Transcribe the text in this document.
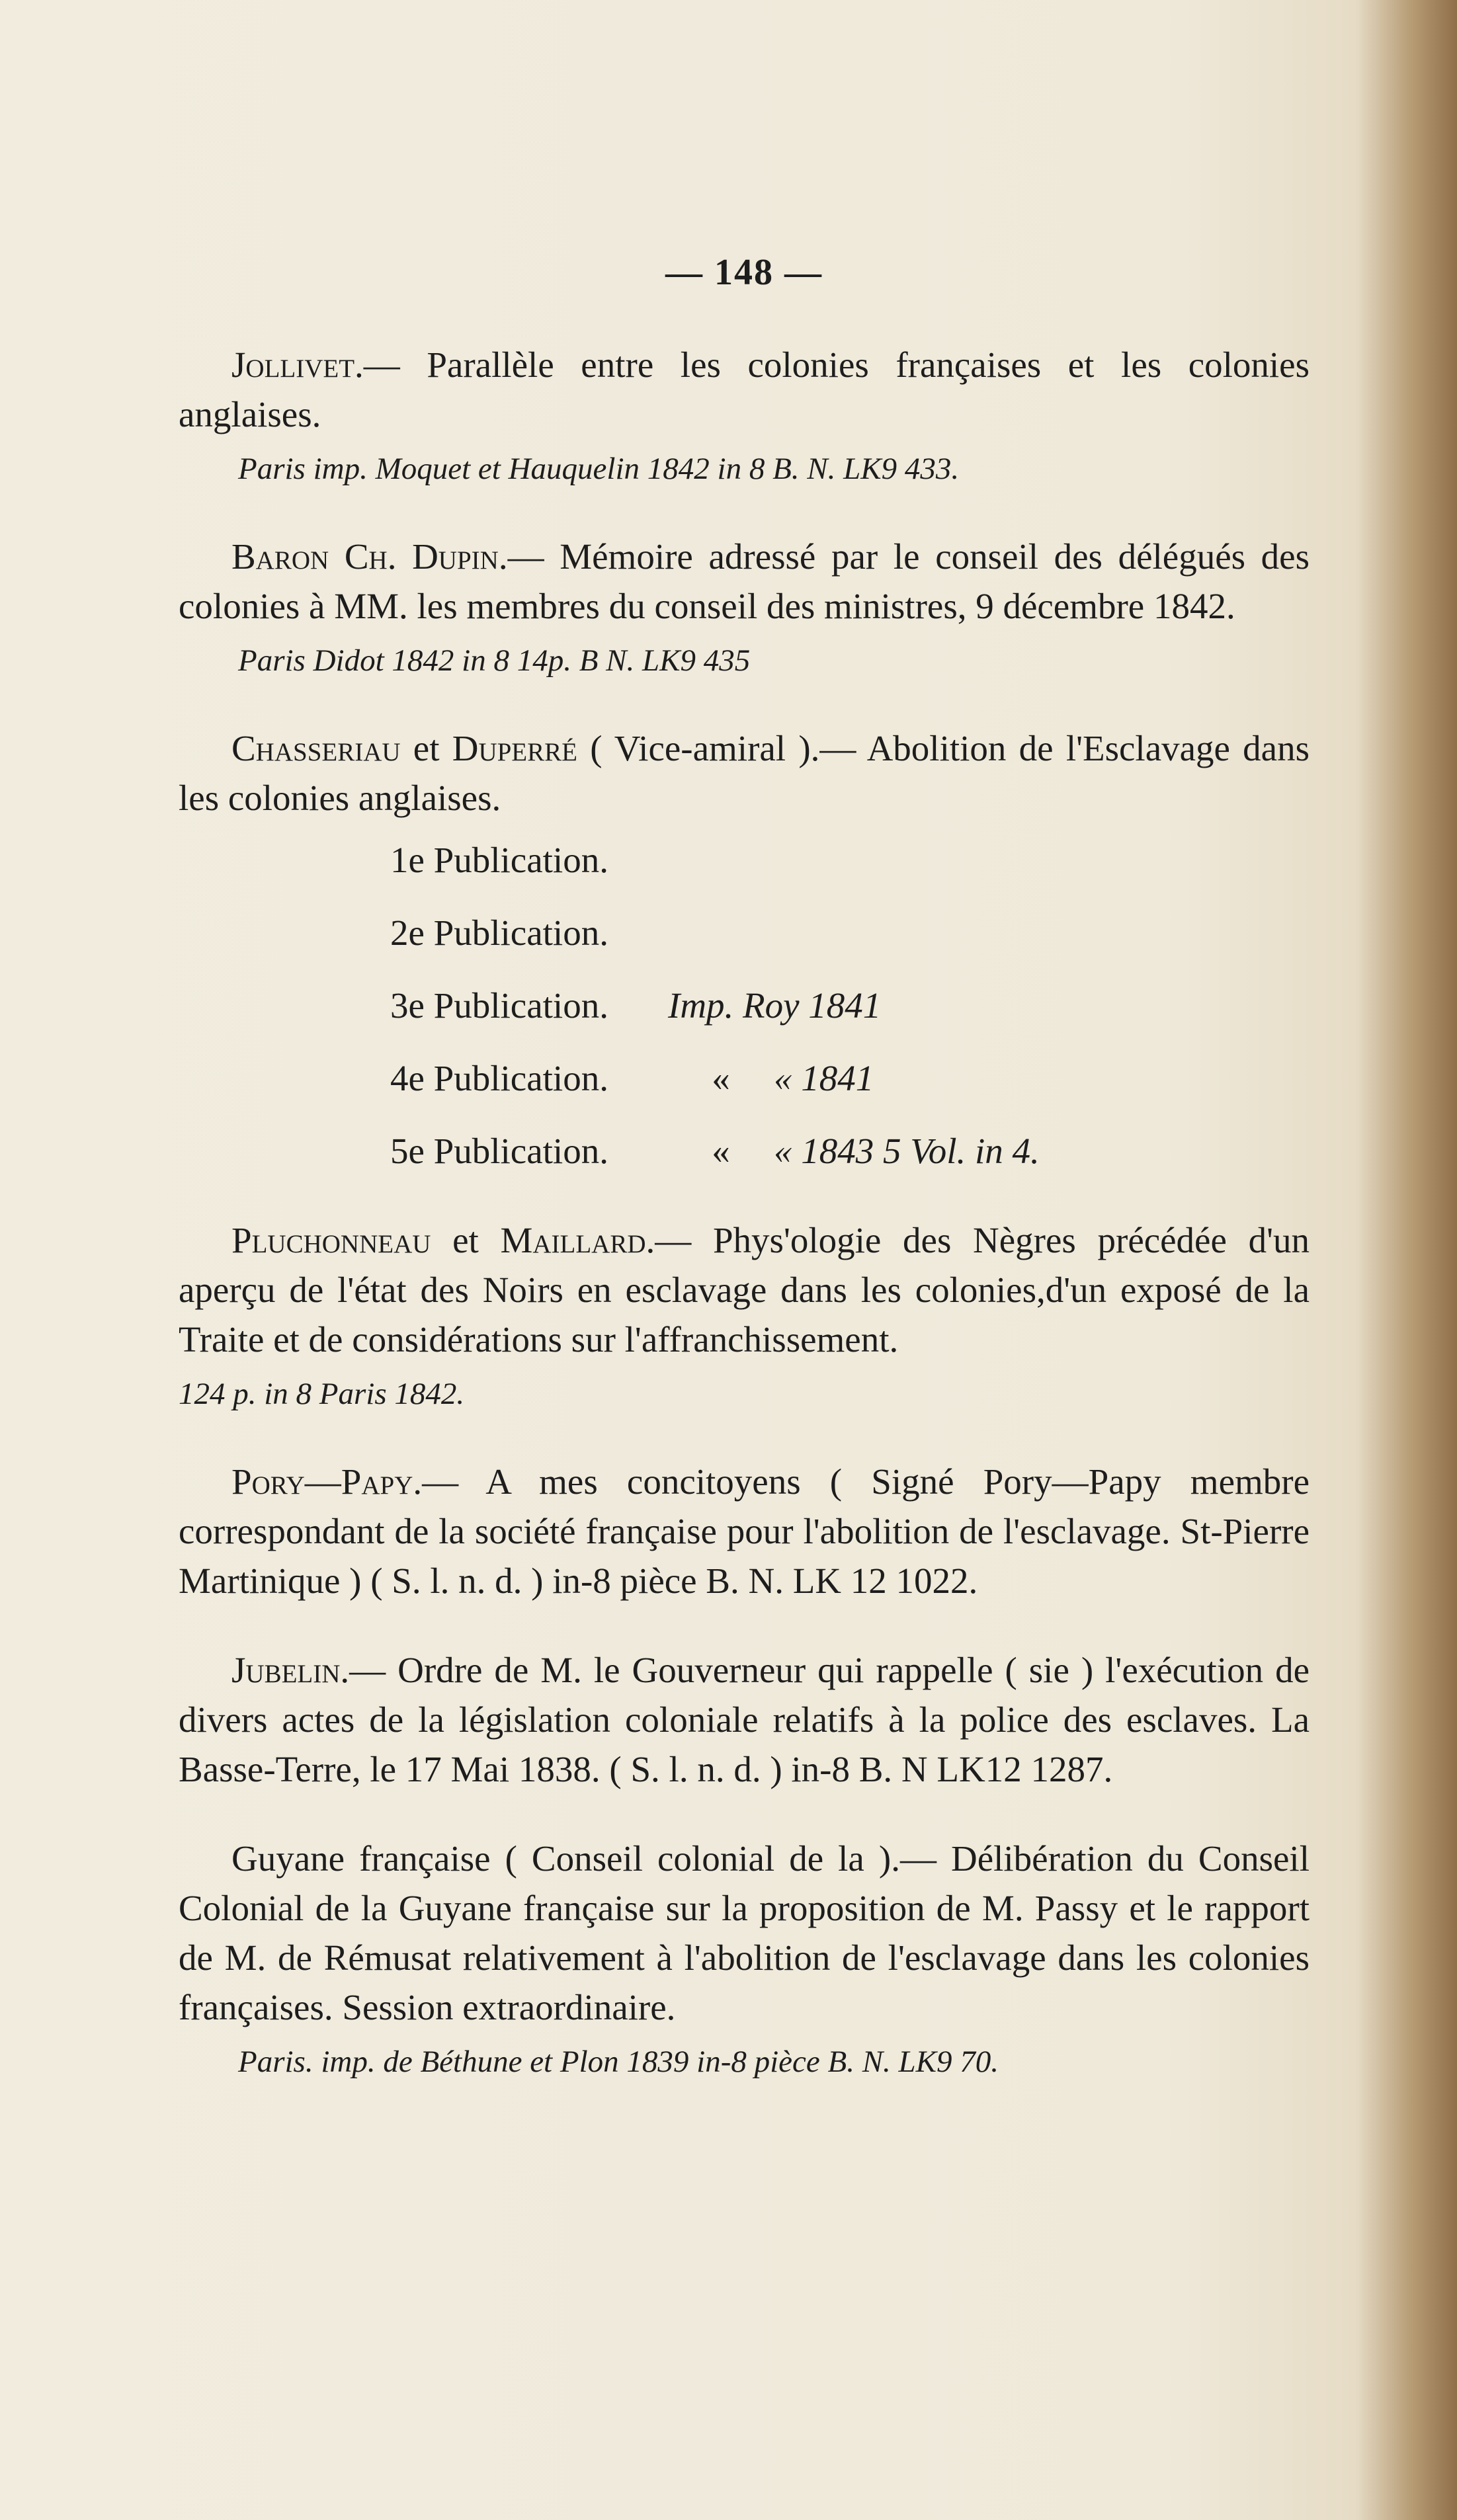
— 148 —

Jollivet.— Parallèle entre les colonies françaises et les colonies anglaises.

Paris imp. Moquet et Hauquelin 1842 in 8 B. N. LK9 433.

Baron Ch. Dupin.— Mémoire adressé par le conseil des délégués des colonies à MM. les membres du conseil des ministres, 9 décembre 1842.

Paris Didot 1842 in 8 14p. B N. LK9 435

Chasseriau et Duperré ( Vice-amiral ).— Abolition de l'Esclavage dans les colonies anglaises.

1e Publication.
2e Publication.
3e Publication.	Imp. Roy 1841
4e Publication.	«	« 1841
5e Publication.	«	« 1843 5 Vol. in 4.

Pluchonneau et Maillard.— Phys'ologie des Nègres précédée d'un aperçu de l'état des Noirs en esclavage dans les colonies,d'un exposé de la Traite et de considérations sur l'affranchissement.

124 p. in 8 Paris 1842.

Pory—Papy.— A mes concitoyens ( Signé Pory—Papy membre correspondant de la société française pour l'abolition de l'esclavage. St-Pierre Martinique ) ( S. l. n. d. ) in-8 pièce B. N. LK 12 1022.

Jubelin.— Ordre de M. le Gouverneur qui rappelle ( sie ) l'exécution de divers actes de la législation coloniale relatifs à la police des esclaves. La Basse-Terre, le 17 Mai 1838. ( S. l. n. d. ) in-8 B. N LK12 1287.

Guyane française ( Conseil colonial de la ).— Délibération du Conseil Colonial de la Guyane française sur la proposition de M. Passy et le rapport de M. de Rémusat relativement à l'abolition de l'esclavage dans les colonies françaises. Session extraordinaire.

Paris. imp. de Béthune et Plon 1839 in-8 pièce B. N. LK9 70.
